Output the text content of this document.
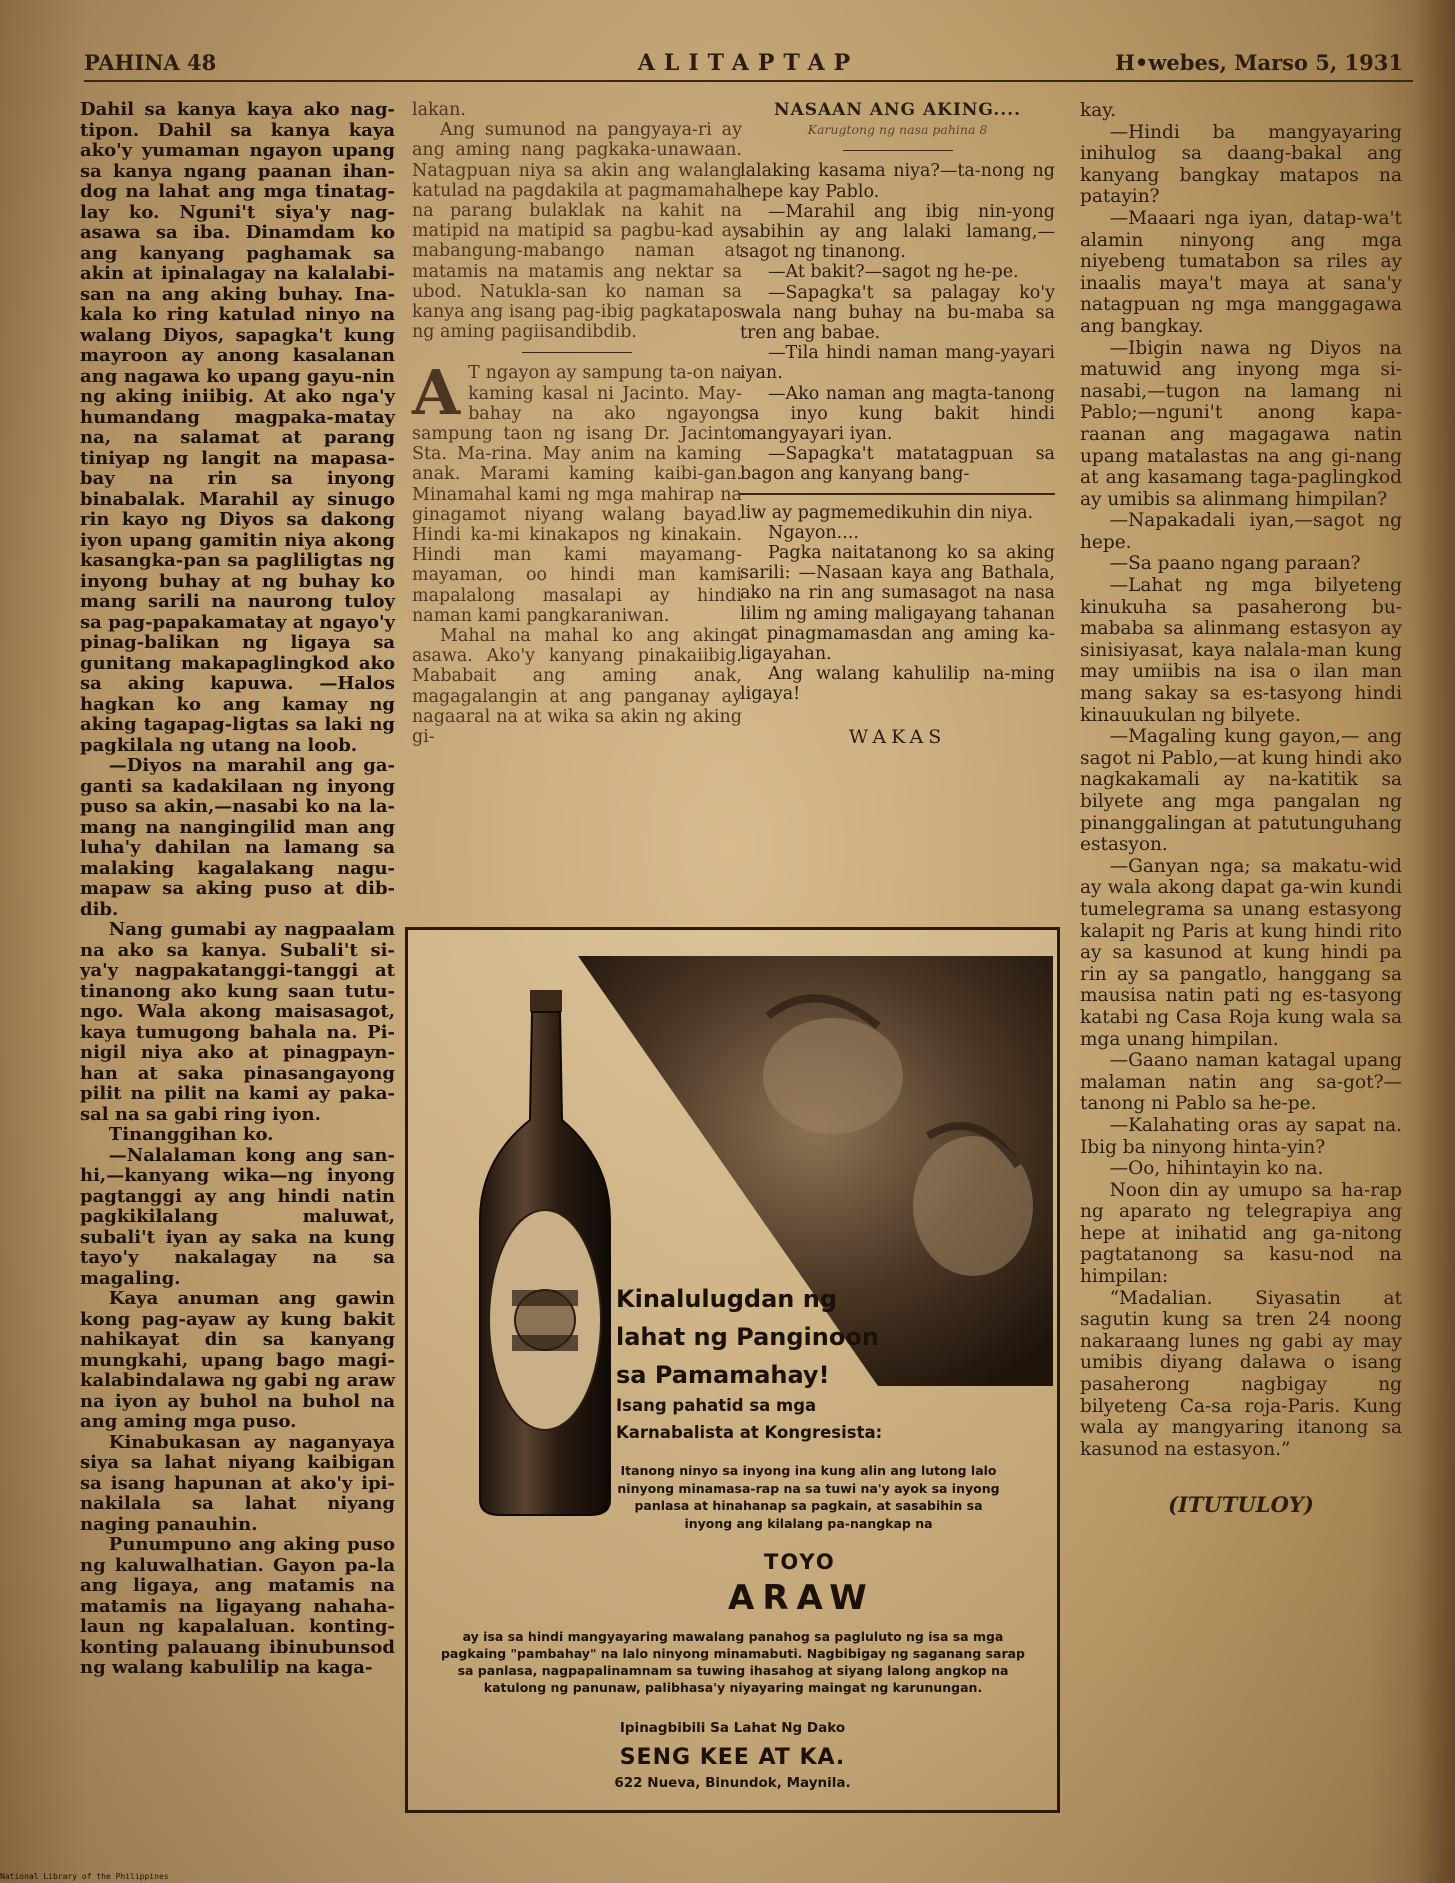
PAHINA 48	ALITAPTAP	H•webes, Marso 5, 1931

Dahil sa kanya kaya ako nag-tipon. Dahil sa kanya kaya ako'y yumaman ngayon upang sa kanya ngang paanan ihan-dog na lahat ang mga tinatag-lay ko. Nguni't siya'y nag-asawa sa iba. Dinamdam ko ang kanyang paghamak sa akin at ipinalagay na kalalabi-san na ang aking buhay. Ina-kala ko ring katulad ninyo na walang Diyos, sapagka't kung mayroon ay anong kasalanan ang nagawa ko upang gayu-nin ng aking iniibig. At ako nga'y humandang magpaka-matay na, na salamat at parang tiniyap ng langit na mapasa-bay na rin sa inyong binabalak. Marahil ay sinugo rin kayo ng Diyos sa dakong iyon upang gamitin niya akong kasangka-pan sa pagliligtas ng inyong buhay at ng buhay ko mang sarili na naurong tuloy sa pag-papakamatay at ngayo'y pinag-balikan ng ligaya sa gunitang makapaglingkod ako sa aking kapuwa. —Halos hagkan ko ang kamay ng aking tagapag-ligtas sa laki ng pagkilala ng utang na loob.

—Diyos na marahil ang ga-ganti sa kadakilaan ng inyong puso sa akin,—nasabi ko na la-mang na nangingilid man ang luha'y dahilan na lamang sa malaking kagalakang nagu-mapaw sa aking puso at dib-dib.

Nang gumabi ay nagpaalam na ako sa kanya. Subali't si-ya'y nagpakatanggi-tanggi at tinanong ako kung saan tutu-ngo. Wala akong maisasagot, kaya tumugong bahala na. Pi-nigil niya ako at pinagpayn-han at saka pinasangayong pilit na pilit na kami ay paka-sal na sa gabi ring iyon.

Tinanggihan ko.

—Nalalaman kong ang san-hi,—kanyang wika—ng inyong pagtanggi ay ang hindi natin pagkikilalang maluwat, subali't iyan ay saka na kung tayo'y nakalagay na sa magaling.

Kaya anuman ang gawin kong pag-ayaw ay kung bakit nahikayat din sa kanyang mungkahi, upang bago magi-kalabindalawa ng gabi ng araw na iyon ay buhol na buhol na ang aming mga puso.

Kinabukasan ay naganyaya siya sa lahat niyang kaibigan sa isang hapunan at ako'y ipi-nakilala sa lahat niyang naging panauhin.

Punumpuno ang aking puso ng kaluwalhatian. Gayon pa-la ang ligaya, ang matamis na matamis na ligayang nahaha-laun ng kapalaluan. konting-konting palauang ibinubunsod ng walang kabulilip na kaga-

lakan.

Ang sumunod na pangyaya-ri ay ang aming nang pagkaka-unawaan. Natagpuan niya sa akin ang walang katulad na pagdakila at pagmamahal na parang bulaklak na kahit na matipid na matipid sa pagbu-kad ay mabangung-mabango naman at matamis na matamis ang nektar sa ubod. Natukla-san ko naman sa kanya ang isang pag-ibig pagkatapos ng aming pagiisandibdib.

A T ngayon ay sampung ta-on na kaming kasal ni Jacinto. May-bahay na ako ngayong sampung taon ng isang Dr. Jacinto Sta. Ma-rina. May anim na kaming anak. Marami kaming kaibi-gan. Minamahal kami ng mga mahirap na ginagamot niyang walang bayad. Hindi ka-mi kinakapos ng kinakain. Hindi man kami mayamang-mayaman, oo hindi man kami mapalalong masalapi ay hindi naman kami pangkaraniwan.

Mahal na mahal ko ang aking asawa. Ako'y kanyang pinakaiibig. Mababait ang aming anak, magagalangin at ang panganay ay nagaaral na at wika sa akin ng aking gi-

NASAAN ANG AKING....
Karugtong ng nasa pahina 8

lalaking kasama niya?—ta-nong ng hepe kay Pablo.

—Marahil ang ibig nin-yong sabihin ay ang lalaki lamang,—sagot ng tinanong.

—At bakit?—sagot ng he-pe.

—Sapagka't sa palagay ko'y wala nang buhay na bu-maba sa tren ang babae.

—Tila hindi naman mang-yayari iyan.

—Ako naman ang magta-tanong sa inyo kung bakit hindi mangyayari iyan.

—Sapagka't matatagpuan sa bagon ang kanyang bang-

liw ay pagmemedikuhin din niya.

Ngayon....

Pagka naitatanong ko sa aking sarili: —Nasaan kaya ang Bathala, ako na rin ang sumasagot na nasa lilim ng aming maligayang tahanan at pinagmamasdan ang aming ka-ligayahan.

Ang walang kahulilip na-ming ligaya!

WAKAS

kay.

—Hindi ba mangyayaring inihulog sa daang-bakal ang kanyang bangkay matapos na patayin?

—Maaari nga iyan, datap-wa't alamin ninyong ang mga niyebeng tumatabon sa riles ay inaalis maya't maya at sana'y natagpuan ng mga manggagawa ang bangkay.

—Ibigin nawa ng Diyos na matuwid ang inyong mga si-nasabi,—tugon na lamang ni Pablo;—nguni't anong kapa-raanan ang magagawa natin upang matalastas na ang gi-nang at ang kasamang taga-paglingkod ay umibis sa alinmang himpilan?

—Napakadali iyan,—sagot ng hepe.

—Sa paano ngang paraan?

—Lahat ng mga bilyeteng kinukuha sa pasaherong bu-mababa sa alinmang estasyon ay sinisiyasat, kaya nalala-man kung may umiibis na isa o ilan man mang sakay sa es-tasyong hindi kinauukulan ng bilyete.

—Magaling kung gayon,— ang sagot ni Pablo,—at kung hindi ako nagkakamali ay na-katitik sa bilyete ang mga pangalan ng pinanggalingan at patutunguhang estasyon.

—Ganyan nga; sa makatu-wid ay wala akong dapat ga-win kundi tumelegrama sa unang estasyong kalapit ng Paris at kung hindi rito ay sa kasunod at kung hindi pa rin ay sa pangatlo, hanggang sa mausisa natin pati ng es-tasyong katabi ng Casa Roja kung wala sa mga unang himpilan.

—Gaano naman katagal upang malaman natin ang sa-got?—tanong ni Pablo sa he-pe.

—Kalahating oras ay sapat na. Ibig ba ninyong hinta-yin?

—Oo, hihintayin ko na.

Noon din ay umupo sa ha-rap ng aparato ng telegrapiya ang hepe at inihatid ang ga-nitong pagtatanong sa kasu-nod na himpilan:

“Madalian. Siyasatin at sagutin kung sa tren 24 noong nakaraang lunes ng gabi ay may umibis diyang dalawa o isang pasaherong nagbigay ng bilyeteng Ca-sa roja-Paris. Kung wala ay mangyaring itanong sa kasunod na estasyon.”

(ITUTULOY)
Kinalulugdan ng
lahat ng Panginoon
sa Pamamahay!
Isang pahatid sa mga
Karnabalista at Kongresista:
Itanong ninyo sa inyong ina kung alin ang lutong lalo ninyong minamasa-rap na sa tuwi na'y ayok sa inyong panlasa at hinahanap sa pagkain, at sasabihin sa inyong ang kilalang pa-nangkap na
TOYO
ARAW
ay isa sa hindi mangyayaring mawalang panahog sa pagluluto ng isa sa mga pagkaing "pambahay" na lalo ninyong minamabuti. Nagbibigay ng saganang sarap sa panlasa, nagpapalinamnam sa tuwing ihasahog at siyang lalong angkop na katulong ng panunaw, palibhasa'y niyayaring maingat ng karunungan.
Ipinagbibili Sa Lahat Ng Dako
SENG KEE AT KA.
622 Nueva, Binundok, Maynila.
National Library of the Philippines
